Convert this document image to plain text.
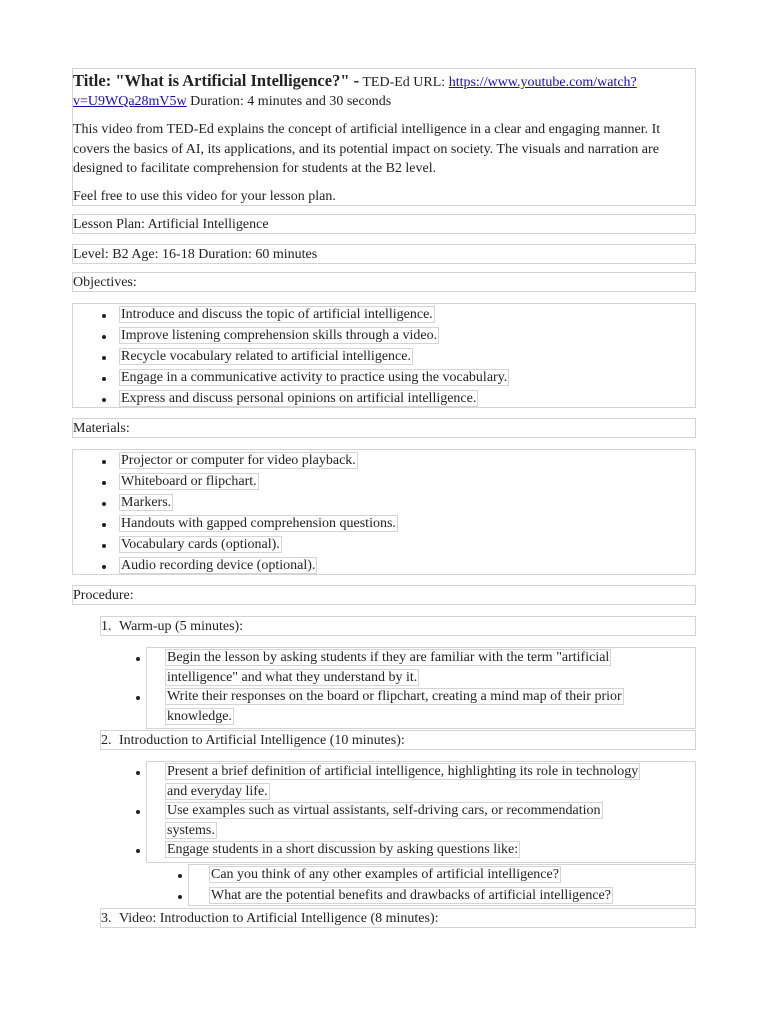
Title: "What is Artificial Intelligence?" - TED-Ed URL: https://www.youtube.com/watch?
v=U9WQa28mV5w Duration: 4 minutes and 30 seconds

This video from TED-Ed explains the concept of artificial intelligence in a clear and engaging manner. It covers the basics of AI, its applications, and its potential impact on society. The visuals and narration are designed to facilitate comprehension for students at the B2 level.

Feel free to use this video for your lesson plan.

Lesson Plan: Artificial Intelligence
Level: B2 Age: 16-18 Duration: 60 minutes
Objectives:
Introduce and discuss the topic of artificial intelligence.
Improve listening comprehension skills through a video.
Recycle vocabulary related to artificial intelligence.
Engage in a communicative activity to practice using the vocabulary.
Express and discuss personal opinions on artificial intelligence.
Materials:
Projector or computer for video playback.
Whiteboard or flipchart.
Markers.
Handouts with gapped comprehension questions.
Vocabulary cards (optional).
Audio recording device (optional).
Procedure:
1. Warm-up (5 minutes):
Begin the lesson by asking students if they are familiar with the term "artificial
intelligence" and what they understand by it.
Write their responses on the board or flipchart, creating a mind map of their prior
knowledge.
2. Introduction to Artificial Intelligence (10 minutes):
Present a brief definition of artificial intelligence, highlighting its role in technology
and everyday life.
Use examples such as virtual assistants, self-driving cars, or recommendation
systems.
Engage students in a short discussion by asking questions like:
Can you think of any other examples of artificial intelligence?
What are the potential benefits and drawbacks of artificial intelligence?
3. Video: Introduction to Artificial Intelligence (8 minutes):
